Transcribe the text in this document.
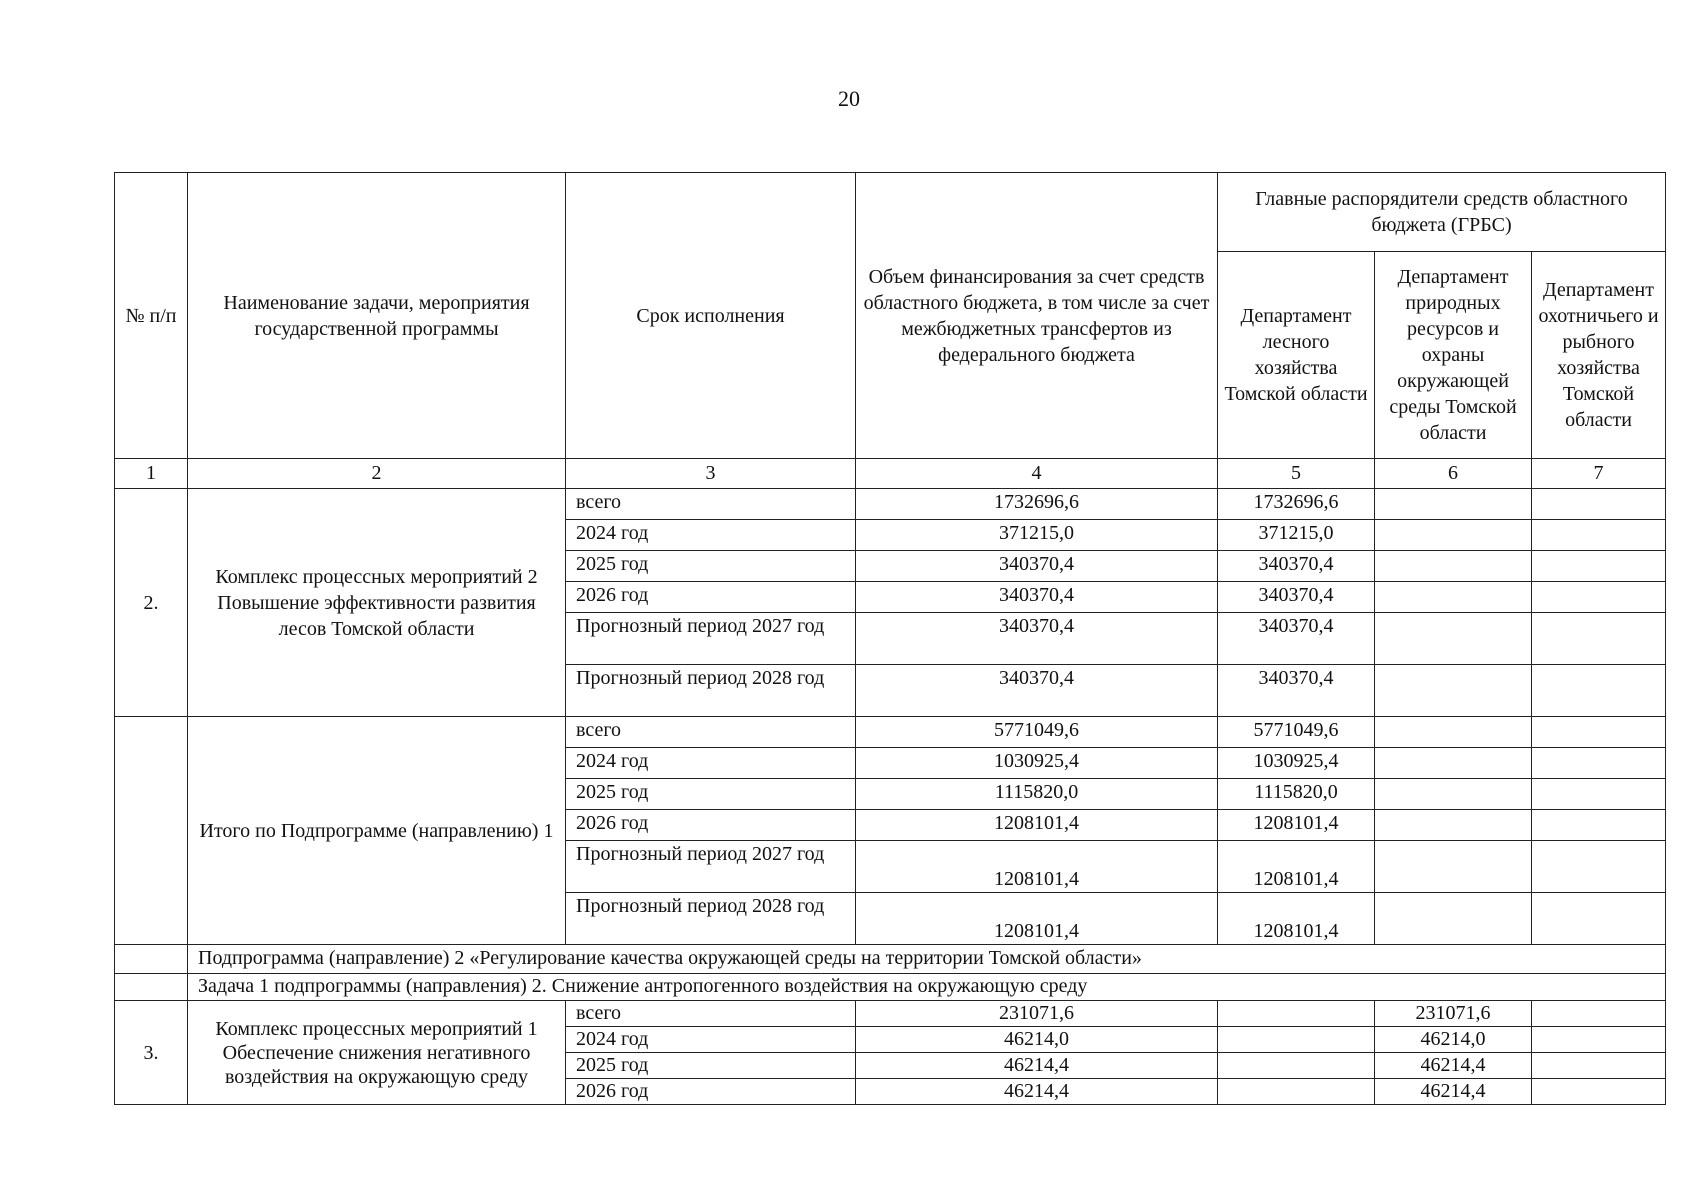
20
№ п/п	Наименование задачи, мероприятия государственной программы	Срок исполнения	Объем финансирования за счет средств областного бюджета, в том числе за счет межбюджетных трансфертов из федерального бюджета	Главные распорядители средств областного бюджета (ГРБС)		
				Департамент лесного хозяйства Томской области	Департамент природных ресурсов и охраны окружающей среды Томской области	Департамент охотничьего и рыбного хозяйства Томской области
1	2	3	4	5	6	7
2.	Комплекс процессных мероприятий 2 Повышение эффективности развития лесов Томской области	всего	1732696,6	1732696,6		
		2024 год	371215,0	371215,0		
		2025 год	340370,4	340370,4		
		2026 год	340370,4	340370,4		
		Прогнозный период 2027 год	340370,4	340370,4		
		Прогнозный период 2028 год	340370,4	340370,4		
	Итого по Подпрограмме (направлению) 1	всего	5771049,6	5771049,6		
		2024 год	1030925,4	1030925,4		
		2025 год	1115820,0	1115820,0		
		2026 год	1208101,4	1208101,4		
		Прогнозный период 2027 год	1208101,4	1208101,4		
		Прогнозный период 2028 год	1208101,4	1208101,4		
	Подпрограмма (направление) 2 «Регулирование качества окружающей среды на территории Томской области»					
	Задача 1 подпрограммы (направления) 2. Снижение антропогенного воздействия на окружающую среду					
3.	Комплекс процессных мероприятий 1 Обеспечение снижения негативного воздействия на окружающую среду	всего	231071,6		231071,6	
		2024 год	46214,0		46214,0	
		2025 год	46214,4		46214,4	
		2026 год	46214,4		46214,4	
